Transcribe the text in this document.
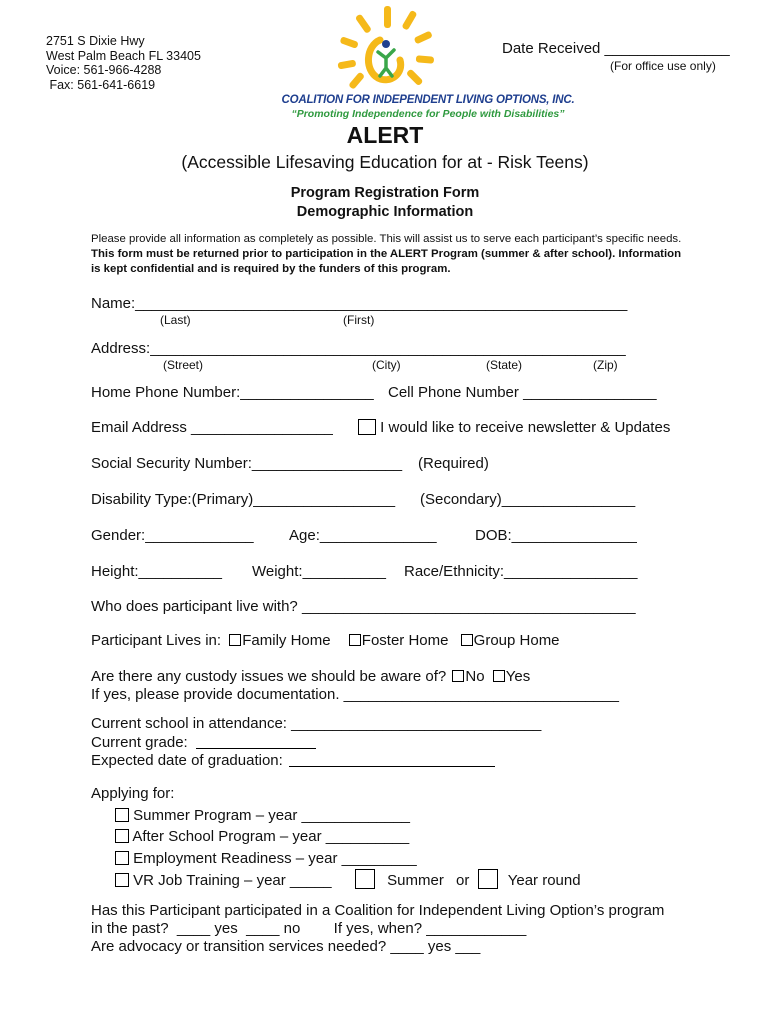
2751 S Dixie Hwy
West Palm Beach FL 33405
Voice: 561-966-4288
Fax: 561-641-6619
COALITION FOR INDEPENDENT LIVING OPTIONS, INC.
“Promoting Independence for People with Disabilities”
Date Received _______________
(For office use only)
ALERT
(Accessible Lifesaving Education for at - Risk Teens)
Program Registration Form
Demographic Information
Please provide all information as completely as possible. This will assist us to serve each participant’s specific needs. This form must be returned prior to participation in the ALERT Program (summer & after school). Information is kept confidential and is required by the funders of this program.
Name:___________________________________________________________
(Last)	(First)
Address:_________________________________________________________
(Street)	(City)	(State)	(Zip)
Home Phone Number:________________ Cell Phone Number ________________
Email Address _________________	I would like to receive newsletter & Updates
Social Security Number:__________________ (Required)
Disability Type:(Primary)_________________ (Secondary)________________
Gender:_____________ Age:______________	DOB:_______________
Height:__________ Weight:__________ Race/Ethnicity:________________
Who does participant live with? ________________________________________
Participant Lives in: Family Home Foster Home Group Home
Are there any custody issues we should be aware of? No Yes
If yes, please provide documentation. _________________________________
Current school in attendance: ______________________________
Current grade:
Expected date of graduation:
Applying for:
Summer Program – year _____________
After School Program – year __________
Employment Readiness – year _________
VR Job Training – year _____	Summer or	Year round
Has this Participant participated in a Coalition for Independent Living Option’s program
in the past?  ____ yes  ____ no        If yes, when? ____________
Are advocacy or transition services needed? ____ yes ___
